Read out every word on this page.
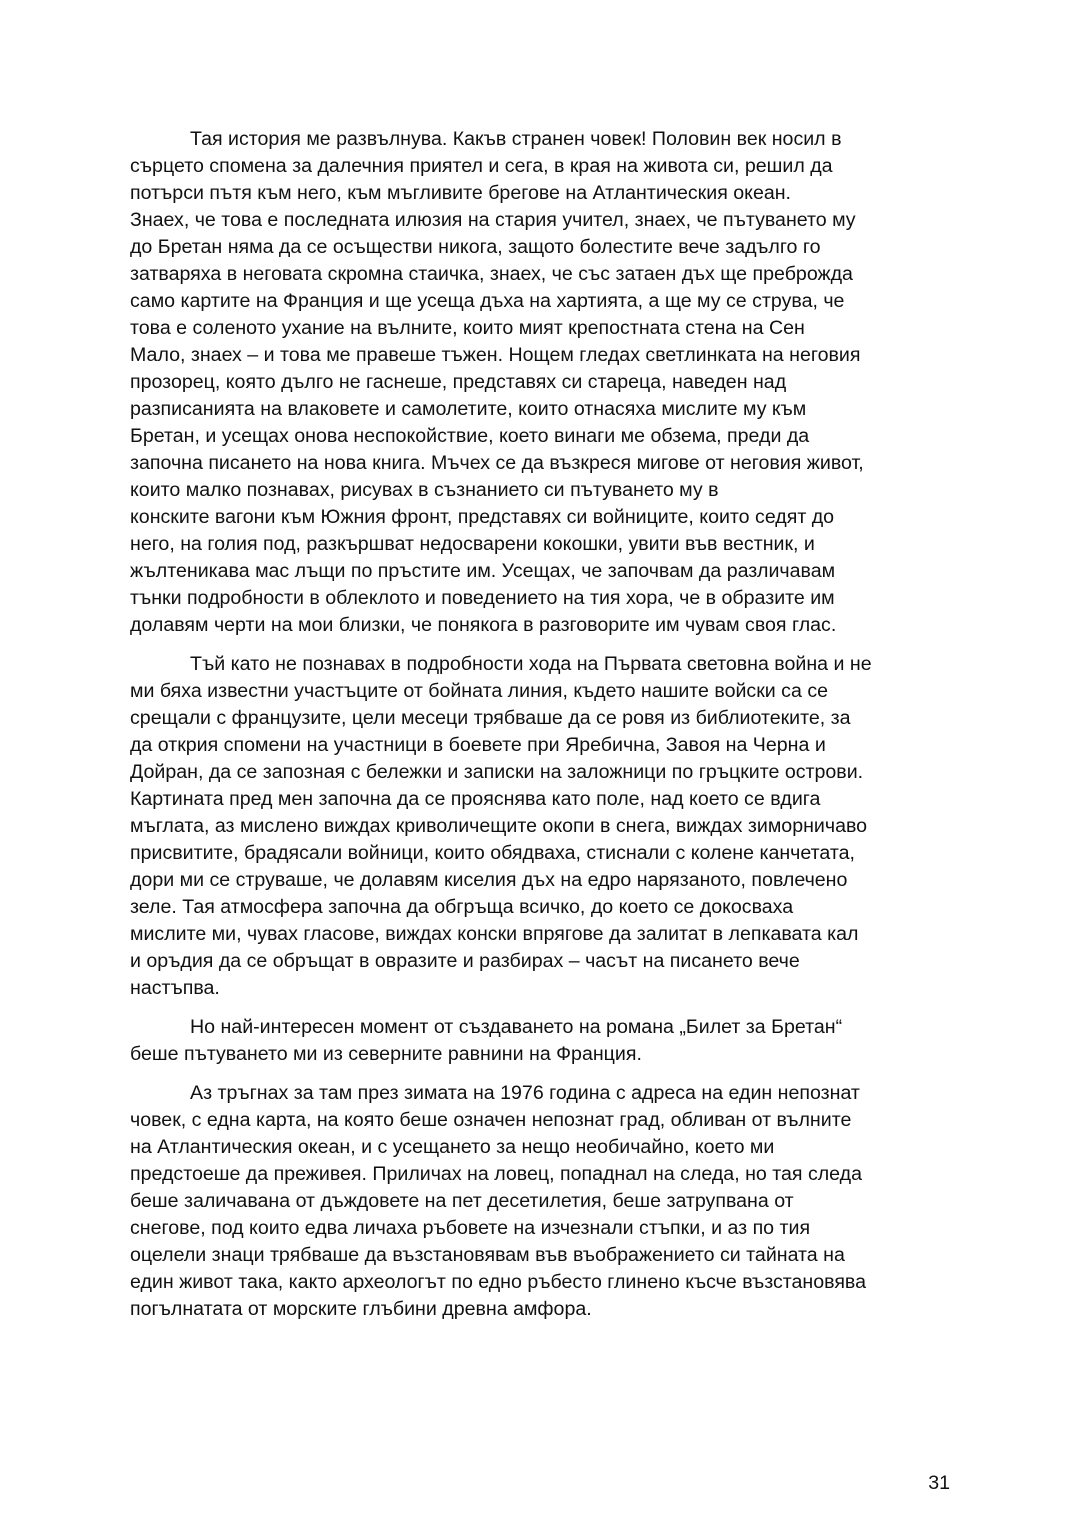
Тая история ме развълнува. Какъв странен човек! Половин век носил в
сърцето спомена за далечния приятел и сега, в края на живота си, решил да
потърси пътя към него, към мъгливите брегове на Атлантическия океан.
Знаех, че това е последната илюзия на стария учител, знаех, че пътуването му
до Бретан няма да се осъществи никога, защото болестите вече задълго го
затваряха в неговата скромна стаичка, знаех, че със затаен дъх ще преброжда
само картите на Франция и ще усеща дъха на хартията, а ще му се струва, че
това е соленото ухание на вълните, които мият крепостната стена на Сен
Мало, знаех – и това ме правеше тъжен. Нощем гледах светлинката на неговия
прозорец, която дълго не гаснеше, представях си стареца, наведен над
разписанията на влаковете и самолетите, които отнасяха мислите му към
Бретан, и усещах онова неспокойствие, което винаги ме обзема, преди да
започна писането на нова книга. Мъчех се да възкреся мигове от неговия живот,
които малко познавах, рисувах в съзнанието си пътуването му в
конските вагони към Южния фронт, представях си войниците, които седят до
него, на голия под, разкършват недосварени кокошки, увити във вестник, и
жълтеникава мас лъщи по пръстите им. Усещах, че започвам да различавам
тънки подробности в облеклото и поведението на тия хора, че в образите им
долавям черти на мои близки, че понякога в разговорите им чувам своя глас.

Тъй като не познавах в подробности хода на Първата световна война и не
ми бяха известни участъците от бойната линия, където нашите войски са се
срещали с французите, цели месеци трябваше да се ровя из библиотеките, за
да открия спомени на участници в боевете при Яребична, Завоя на Черна и
Дойран, да се запозная с бележки и записки на заложници по гръцките острови.
Картината пред мен започна да се прояснява като поле, над което се вдига
мъглата, аз мислено виждах криволичещите окопи в снега, виждах зиморничаво
присвитите, брадясали войници, които обядваха, стиснали с колене канчетата,
дори ми се струваше, че долавям киселия дъх на едро нарязаното, повлечено
зеле. Тая атмосфера започна да обгръща всичко, до което се докосваха
мислите ми, чувах гласове, виждах конски впрягове да залитат в лепкавата кал
и оръдия да се обръщат в овразите и разбирах – часът на писането вече
настъпва.

Но най-интересен момент от създаването на романа „Билет за Бретан“
беше пътуването ми из северните равнини на Франция.

Аз тръгнах за там през зимата на 1976 година с адреса на един непознат
човек, с една карта, на която беше означен непознат град, обливан от вълните
на Атлантическия океан, и с усещането за нещо необичайно, което ми
предстоеше да преживея. Приличах на ловец, попаднал на следа, но тая следа
беше заличавана от дъждовете на пет десетилетия, беше затрупвана от
снегове, под които едва личаха ръбовете на изчезнали стъпки, и аз по тия
оцелели знаци трябваше да възстановявам във въображението си тайната на
един живот така, както археологът по едно ръбесто глинено късче възстановява
погълнатата от морските глъбини древна амфора.

31
